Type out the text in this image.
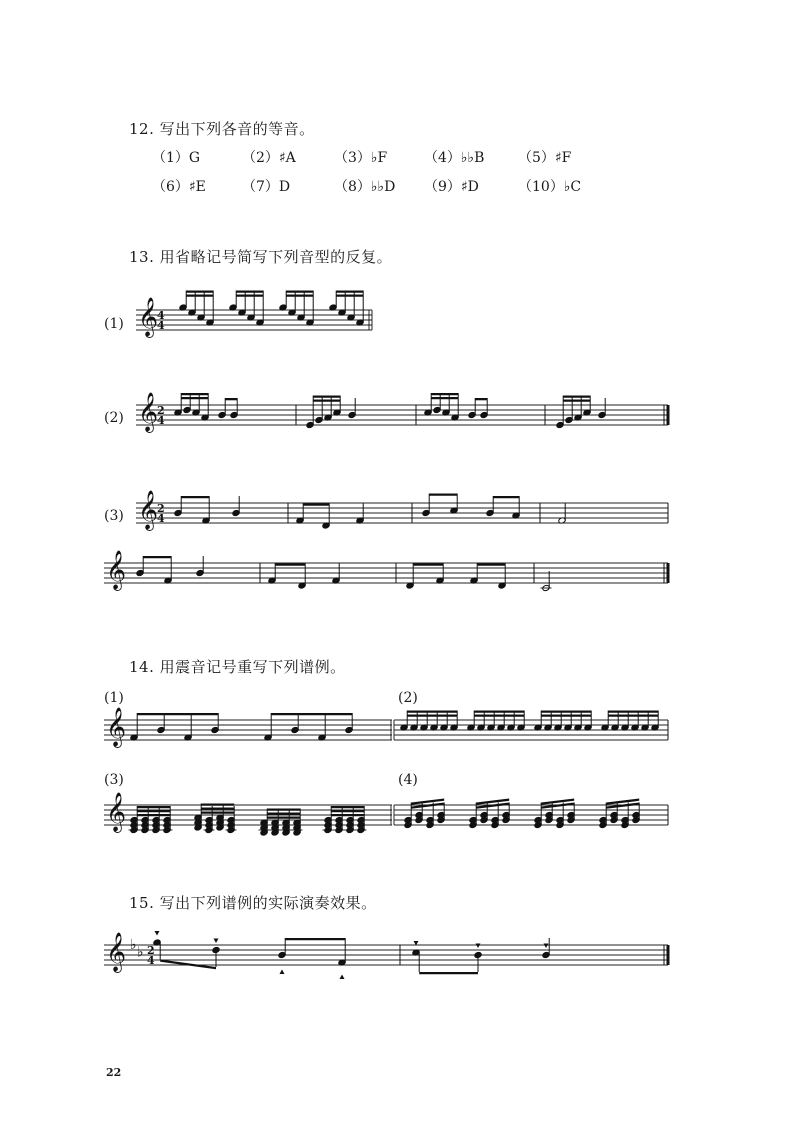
12. 写出下列各音的等音。
（1）G	（2）♯A	（3）♭F	（4）♭♭B （5）♯F
（6）♯E	（7）D	（8）♭♭D （9）♯D	（10）♭C
13. 用省略记号简写下列音型的反复。
(1)
(2)
(3)
14. 用震音记号重写下列谱例。
(1)	(2)
(3)	(4)
15. 写出下列谱例的实际演奏效果。
𝄞
4
4
𝄞
2
4
𝄞
2
4
𝄞
𝄞
𝄞
𝄞 ♭ ♭ 2
4
22
